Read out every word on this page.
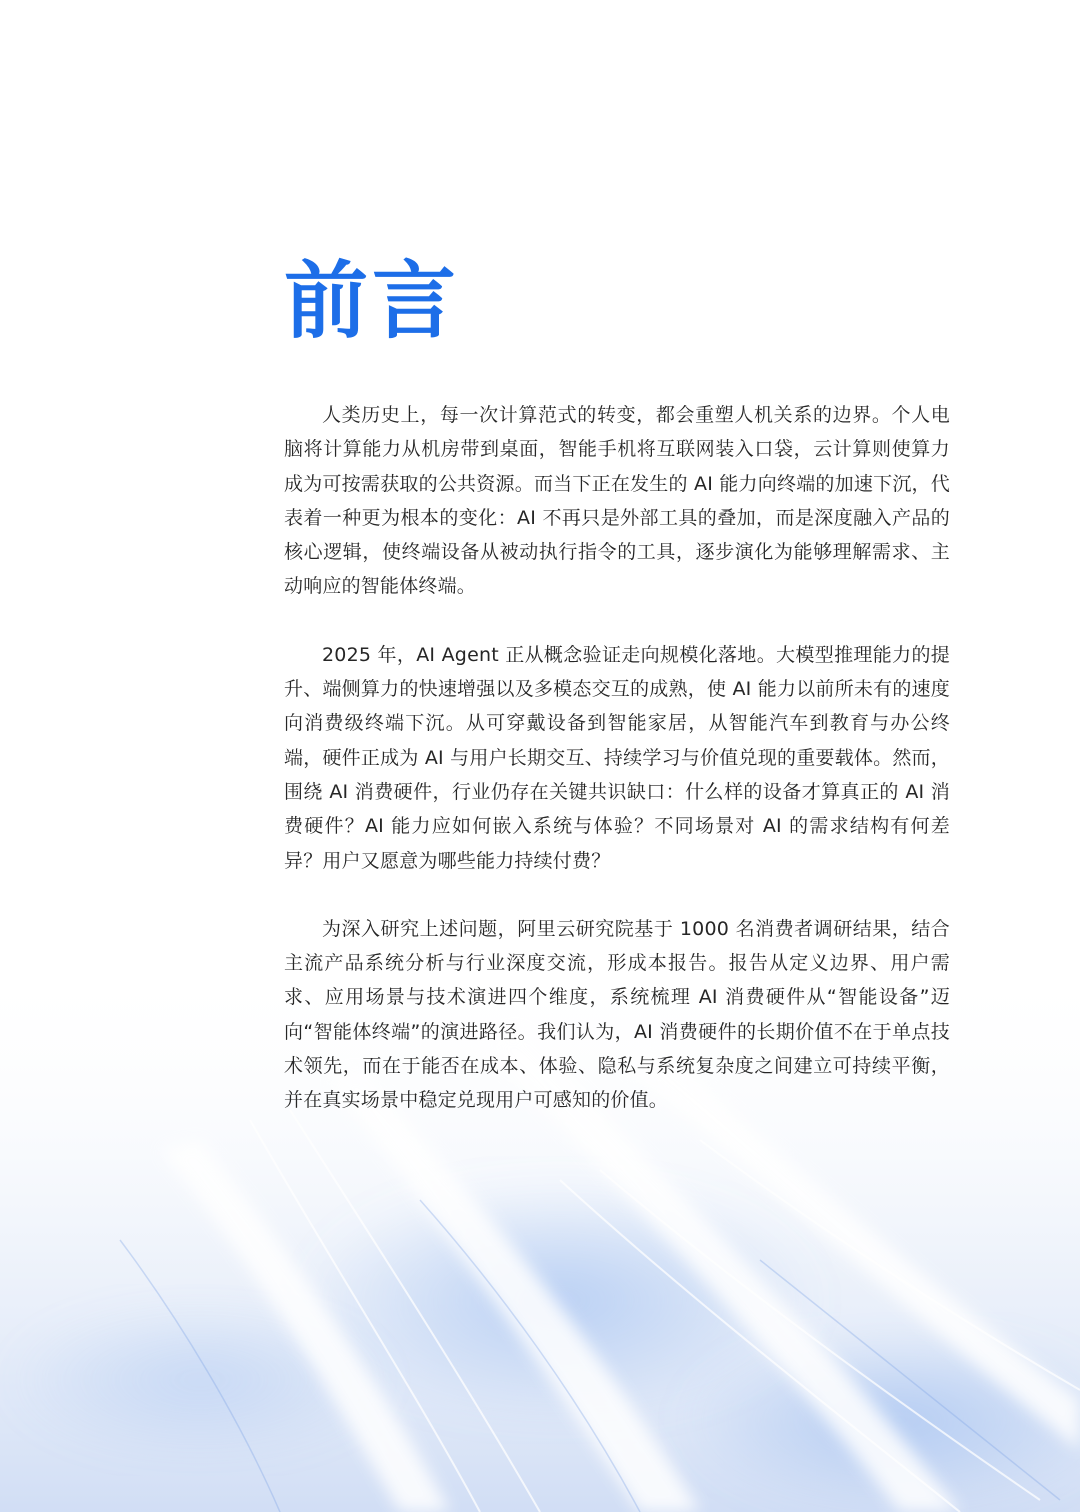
前言

人类历史上，每一次计算范式的转变，都会重塑人机关系的边界。个人电脑将计算能力从机房带到桌面，智能手机将互联网装入口袋，云计算则使算力成为可按需获取的公共资源。而当下正在发生的 AI 能力向终端的加速下沉，代表着一种更为根本的变化：AI 不再只是外部工具的叠加，而是深度融入产品的核心逻辑，使终端设备从被动执行指令的工具，逐步演化为能够理解需求、主动响应的智能体终端。

2025 年，AI Agent 正从概念验证走向规模化落地。大模型推理能力的提升、端侧算力的快速增强以及多模态交互的成熟，使 AI 能力以前所未有的速度向消费级终端下沉。从可穿戴设备到智能家居，从智能汽车到教育与办公终端，硬件正成为 AI 与用户长期交互、持续学习与价值兑现的重要载体。然而，围绕 AI 消费硬件，行业仍存在关键共识缺口：什么样的设备才算真正的 AI 消费硬件？AI 能力应如何嵌入系统与体验？不同场景对 AI 的需求结构有何差异？用户又愿意为哪些能力持续付费？

为深入研究上述问题，阿里云研究院基于 1000 名消费者调研结果，结合主流产品系统分析与行业深度交流，形成本报告。报告从定义边界、用户需求、应用场景与技术演进四个维度，系统梳理 AI 消费硬件从“智能设备”迈向“智能体终端”的演进路径。我们认为，AI 消费硬件的长期价值不在于单点技术领先，而在于能否在成本、体验、隐私与系统复杂度之间建立可持续平衡，并在真实场景中稳定兑现用户可感知的价值。
